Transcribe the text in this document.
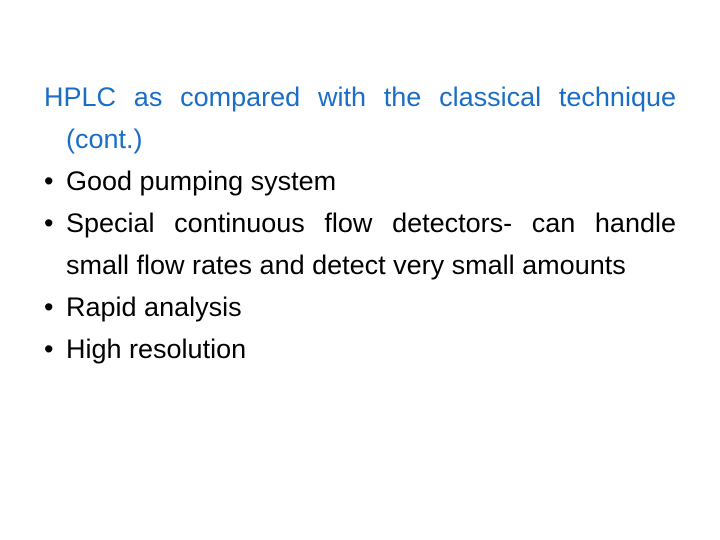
HPLC as compared with the classical technique (cont.)
• Good pumping system
• Special continuous flow detectors- can handle small flow rates and detect very small amounts
• Rapid analysis
• High resolution
